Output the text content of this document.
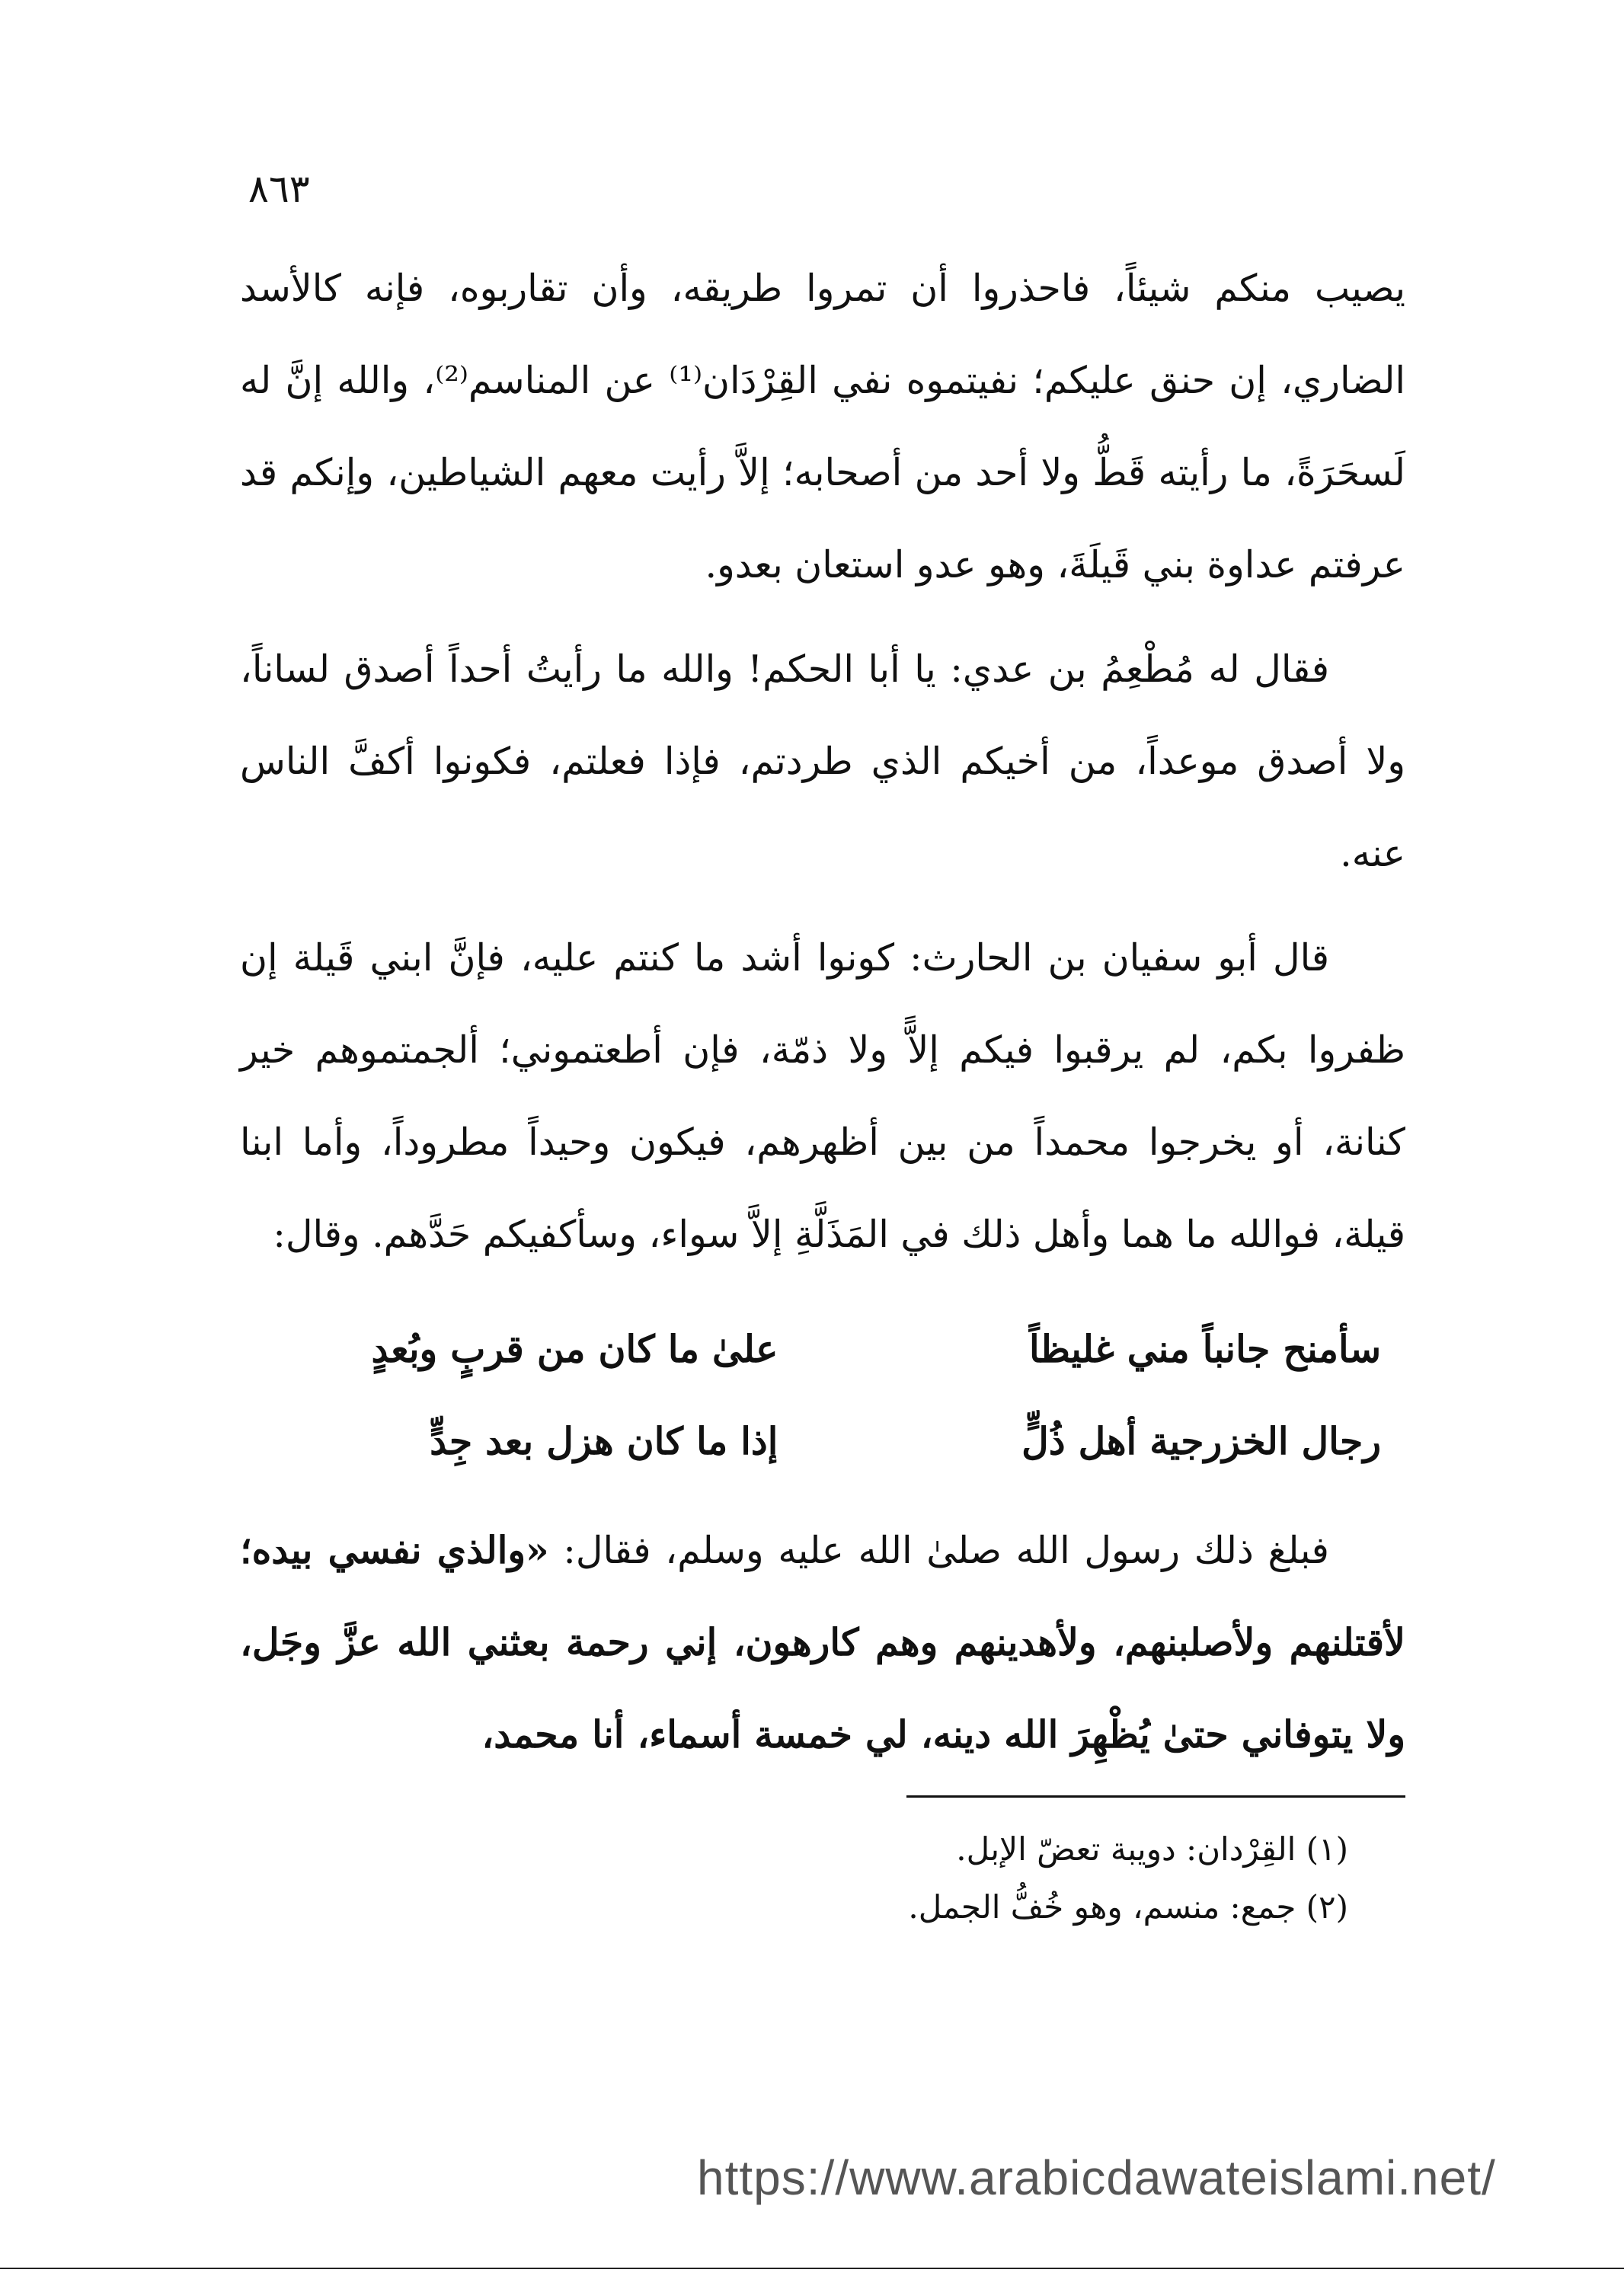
٨٦٣

يصيب منكم شيئاً، فاحذروا أن تمروا طريقه، وأن تقاربوه، فإنه كالأسد الضاري، إن حنق عليكم؛ نفيتموه نفي القِرْدَان⁽¹⁾ عن المناسم⁽²⁾، والله إنَّ له لَسحَرَةً، ما رأيته قَطُّ ولا أحد من أصحابه؛ إلاَّ رأيت معهم الشياطين، وإنكم قد عرفتم عداوة بني قَيلَةَ، وهو عدو استعان بعدو.

فقال له مُطْعِمُ بن عدي: يا أبا الحكم! والله ما رأيتُ أحداً أصدق لساناً، ولا أصدق موعداً، من أخيكم الذي طردتم، فإذا فعلتم، فكونوا أكفَّ الناس عنه.

قال أبو سفيان بن الحارث: كونوا أشد ما كنتم عليه، فإنَّ ابني قَيلة إن ظفروا بكم، لم يرقبوا فيكم إلاًّ ولا ذمّة، فإن أطعتموني؛ ألجمتموهم خير كنانة، أو يخرجوا محمداً من بين أظهرهم، فيكون وحيداً مطروداً، وأما ابنا قيلة، فوالله ما هما وأهل ذلك في المَذَلَّةِ إلاَّ سواء، وسأكفيكم حَدَّهم. وقال:

سأمنح جانباً مني غليظاً
علىٰ ما كان من قربٍ وبُعدٍ
رجال الخزرجية أهل ذُلٍّ
إذا ما كان هزل بعد جِدٍّ

فبلغ ذلك رسول الله صلىٰ الله عليه وسلم، فقال: «والذي نفسي بيده؛ لأقتلنهم ولأصلبنهم، ولأهدينهم وهم كارهون، إني رحمة بعثني الله عزَّ وجَل، ولا يتوفاني حتىٰ يُظْهِرَ الله دينه، لي خمسة أسماء، أنا محمد،

(١) القِرْدان: دويبة تعضّ الإبل.

(٢) جمع: منسم، وهو خُفُّ الجمل.

https://www.arabicdawateislami.net/
